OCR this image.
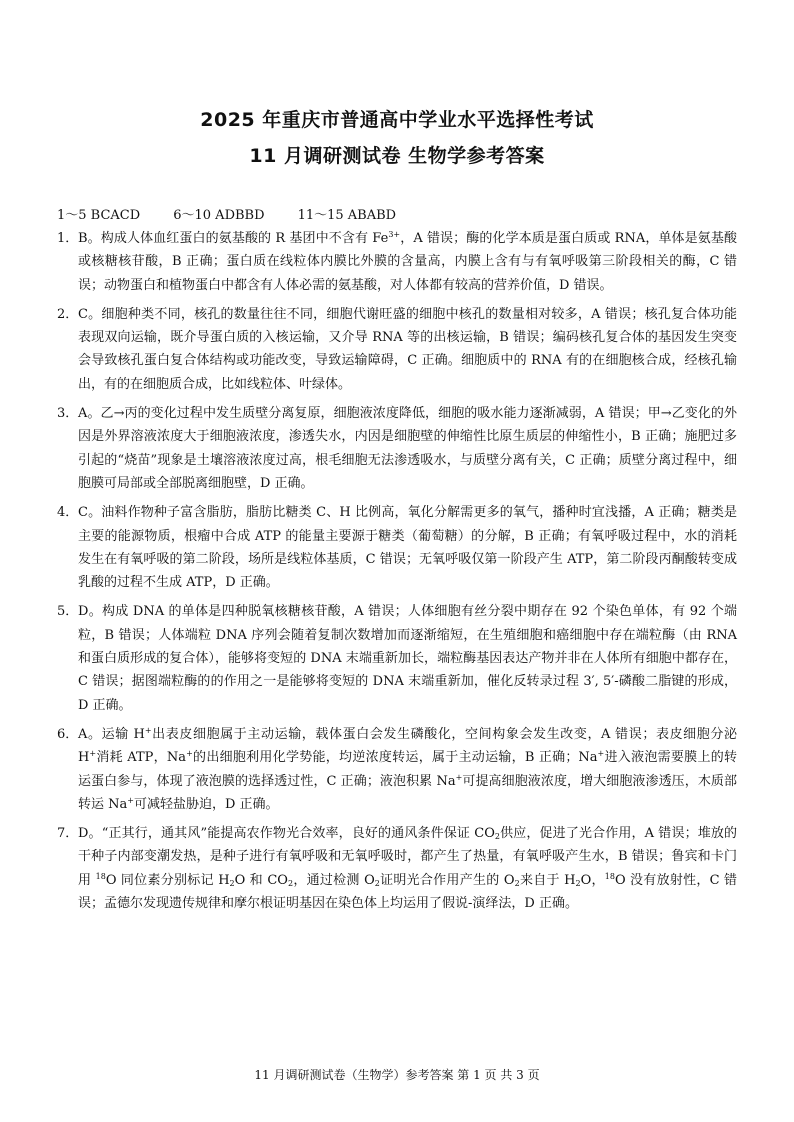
2025 年重庆市普通高中学业水平选择性考试
11 月调研测试卷 生物学参考答案
1～5 BCACD        6～10 ADBBD        11～15 ABABD
1． B。构成人体血红蛋白的氨基酸的 R 基团中不含有 $Fe^{3+}$，A 错误；酶的化学本质是蛋白质或 RNA，单体是氨基酸或核糖核苷酸，B 正确；蛋白质在线粒体内膜比外膜的含量高，内膜上含有与有氧呼吸第三阶段相关的酶，C 错误；动物蛋白和植物蛋白中都含有人体必需的氨基酸，对人体都有较高的营养价值，D 错误。
2． C。细胞种类不同，核孔的数量往往不同，细胞代谢旺盛的细胞中核孔的数量相对较多，A 错误；核孔复合体功能表现双向运输，既介导蛋白质的入核运输，又介导 RNA 等的出核运输，B 错误；编码核孔复合体的基因发生突变会导致核孔蛋白复合体结构或功能改变，导致运输障碍，C 正确。细胞质中的 RNA 有的在细胞核合成，经核孔输出，有的在细胞质合成，比如线粒体、叶绿体。
3． A。乙→丙的变化过程中发生质壁分离复原，细胞液浓度降低，细胞的吸水能力逐渐减弱，A 错误；甲→乙变化的外因是外界溶液浓度大于细胞液浓度，渗透失水，内因是细胞壁的伸缩性比原生质层的伸缩性小，B 正确；施肥过多引起的“烧苗”现象是土壤溶液浓度过高，根毛细胞无法渗透吸水，与质壁分离有关，C 正确；质壁分离过程中，细胞膜可局部或全部脱离细胞壁，D 正确。
4． C。油料作物种子富含脂肪，脂肪比糖类 C、H 比例高，氧化分解需更多的氧气，播种时宜浅播，A 正确；糖类是主要的能源物质，根瘤中合成 ATP 的能量主要源于糖类（葡萄糖）的分解，B 正确；有氧呼吸过程中，水的消耗发生在有氧呼吸的第二阶段，场所是线粒体基质，C 错误；无氧呼吸仅第一阶段产生 ATP，第二阶段丙酮酸转变成乳酸的过程不生成 ATP，D 正确。
5． D。构成 DNA 的单体是四种脱氧核糖核苷酸，A 错误；人体细胞有丝分裂中期存在 92 个染色单体，有 92 个端粒，B 错误；人体端粒 DNA 序列会随着复制次数增加而逐渐缩短，在生殖细胞和癌细胞中存在端粒酶（由 RNA 和蛋白质形成的复合体），能够将变短的 DNA 末端重新加长，端粒酶基因表达产物并非在人体所有细胞中都存在，C 错误；据图端粒酶的的作用之一是能够将变短的 DNA 末端重新加，催化反转录过程 3′, 5′-磷酸二脂键的形成，D 正确。
6． A。运输 H+出表皮细胞属于主动运输，载体蛋白会发生磷酸化，空间构象会发生改变，A 错误；表皮细胞分泌 H+消耗 ATP，Na+的出细胞利用化学势能，均逆浓度转运，属于主动运输，B 正确；Na+进入液泡需要膜上的转运蛋白参与，体现了液泡膜的选择透过性，C 正确；液泡积累 Na+可提高细胞液浓度，增大细胞液渗透压，木质部转运 Na+可减轻盐胁迫，D 正确。
7． D。“正其行，通其风”能提高农作物光合效率，良好的通风条件保证 $CO_2$供应，促进了光合作用，A 错误；堆放的干种子内部变潮发热，是种子进行有氧呼吸和无氧呼吸时，都产生了热量，有氧呼吸产生水，B 错误；鲁宾和卡门用 $^{18}$O 同位素分别标记 $H_2O$ 和 $CO_2$，通过检测 $O_2$证明光合作用产生的 $O_2$来自于 $H_2O$，$^{18}$O 没有放射性，C 错误；孟德尔发现遗传规律和摩尔根证明基因在染色体上均运用了假说-演绎法，D 正确。
11 月调研测试卷（生物学）参考答案 第 1 页 共 3 页
